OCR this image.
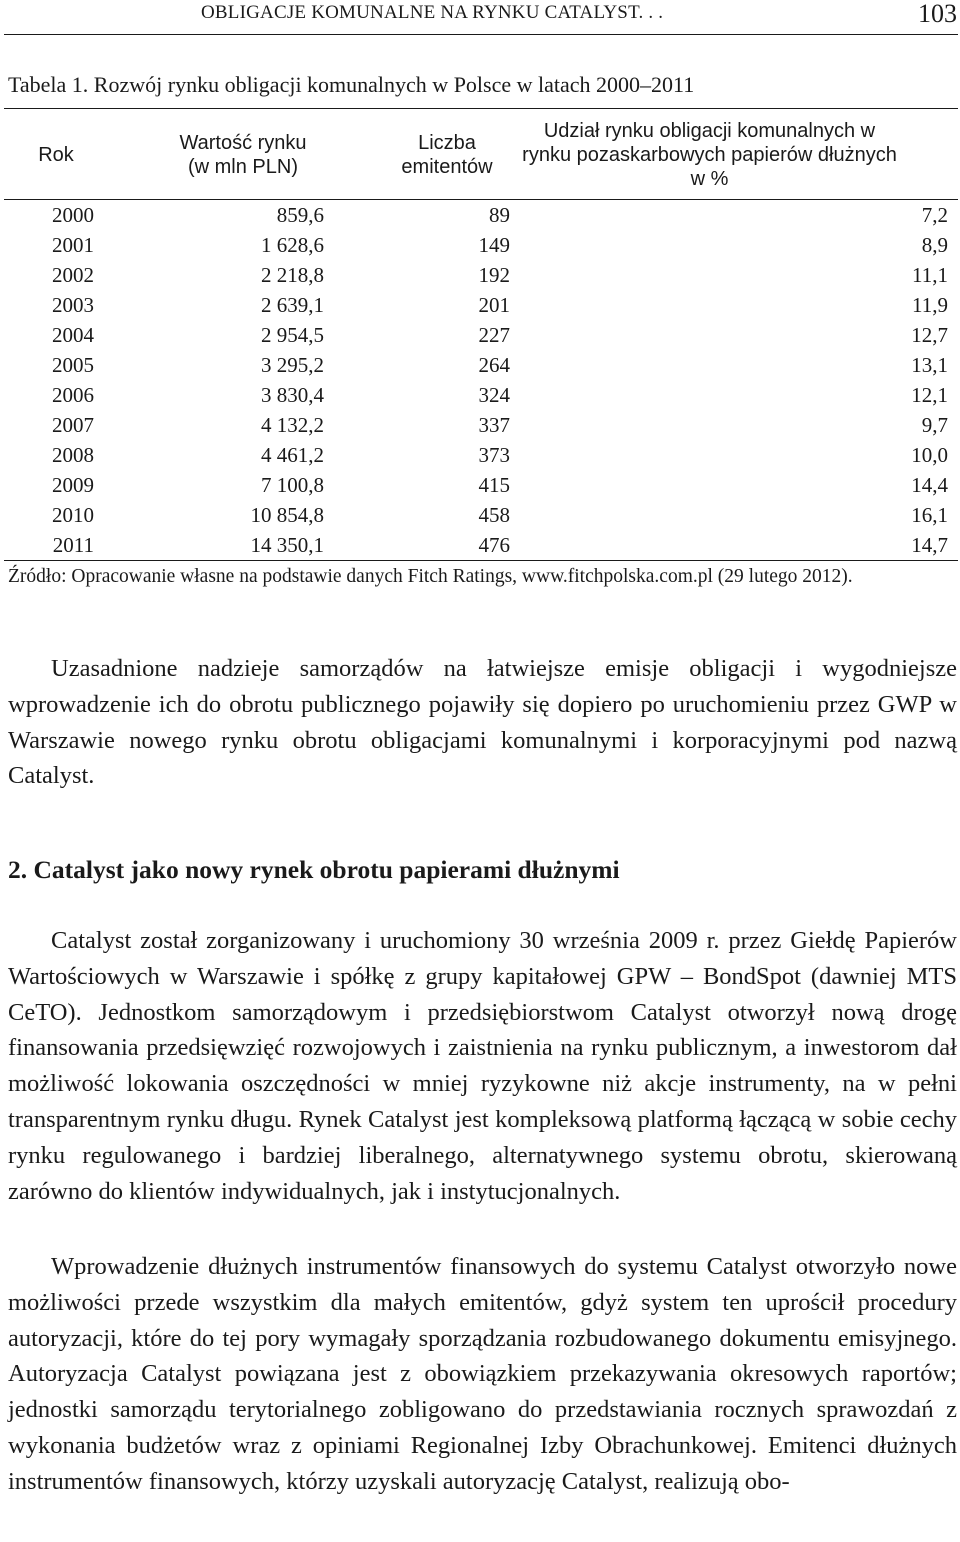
OBLIGACJE KOMUNALNE NA RYNKU CATALYST. . .	103
Tabela 1. Rozwój rynku obligacji komunalnych w Polsce w latach 2000–2011
Rok	Wartość rynku (w mln PLN)	Liczba emitentów	Udział rynku obligacji komunalnych w rynku pozaskarbowych papierów dłużnych w %

2000	859,6	89	7,2
2001	1 628,6	149	8,9
2002	2 218,8	192	11,1
2003	2 639,1	201	11,9
2004	2 954,5	227	12,7
2005	3 295,2	264	13,1
2006	3 830,4	324	12,1
2007	4 132,2	337	9,7
2008	4 461,2	373	10,0
2009	7 100,8	415	14,4
2010	10 854,8	458	16,1
2011	14 350,1	476	14,7
Źródło: Opracowanie własne na podstawie danych Fitch Ratings, www.fitchpolska.com.pl (29 lutego 2012).

Uzasadnione nadzieje samorządów na łatwiejsze emisje obligacji i wygodniejsze wprowadzenie ich do obrotu publicznego pojawiły się dopiero po uruchomieniu przez GWP w Warszawie nowego rynku obrotu obligacjami komunalnymi i korporacyjnymi pod nazwą Catalyst.

2. Catalyst jako nowy rynek obrotu papierami dłużnymi

Catalyst został zorganizowany i uruchomiony 30 września 2009 r. przez Giełdę Papierów Wartościowych w Warszawie i spółkę z grupy kapitałowej GPW – BondSpot (dawniej MTS CeTO). Jednostkom samorządowym i przedsiębiorstwom Catalyst otworzył nową drogę finansowania przedsięwzięć rozwojowych i zaistnienia na rynku publicznym, a inwestorom dał możliwość lokowania oszczędności w mniej ryzykowne niż akcje instrumenty, na w pełni transparentnym rynku długu. Rynek Catalyst jest kompleksową platformą łączącą w sobie cechy rynku regulowanego i bardziej liberalnego, alternatywnego systemu obrotu, skierowaną zarówno do klientów indywidualnych, jak i instytucjonalnych.

Wprowadzenie dłużnych instrumentów finansowych do systemu Catalyst otworzyło nowe możliwości przede wszystkim dla małych emitentów, gdyż system ten uprościł procedury autoryzacji, które do tej pory wymagały sporządzania rozbudowanego dokumentu emisyjnego. Autoryzacja Catalyst powiązana jest z obowiązkiem przekazywania okresowych raportów; jednostki samorządu terytorialnego zobligowano do przedstawiania rocznych sprawozdań z wykonania budżetów wraz z opiniami Regionalnej Izby Obrachunkowej. Emitenci dłużnych instrumentów finansowych, którzy uzyskali autoryzację Catalyst, realizują obo-
